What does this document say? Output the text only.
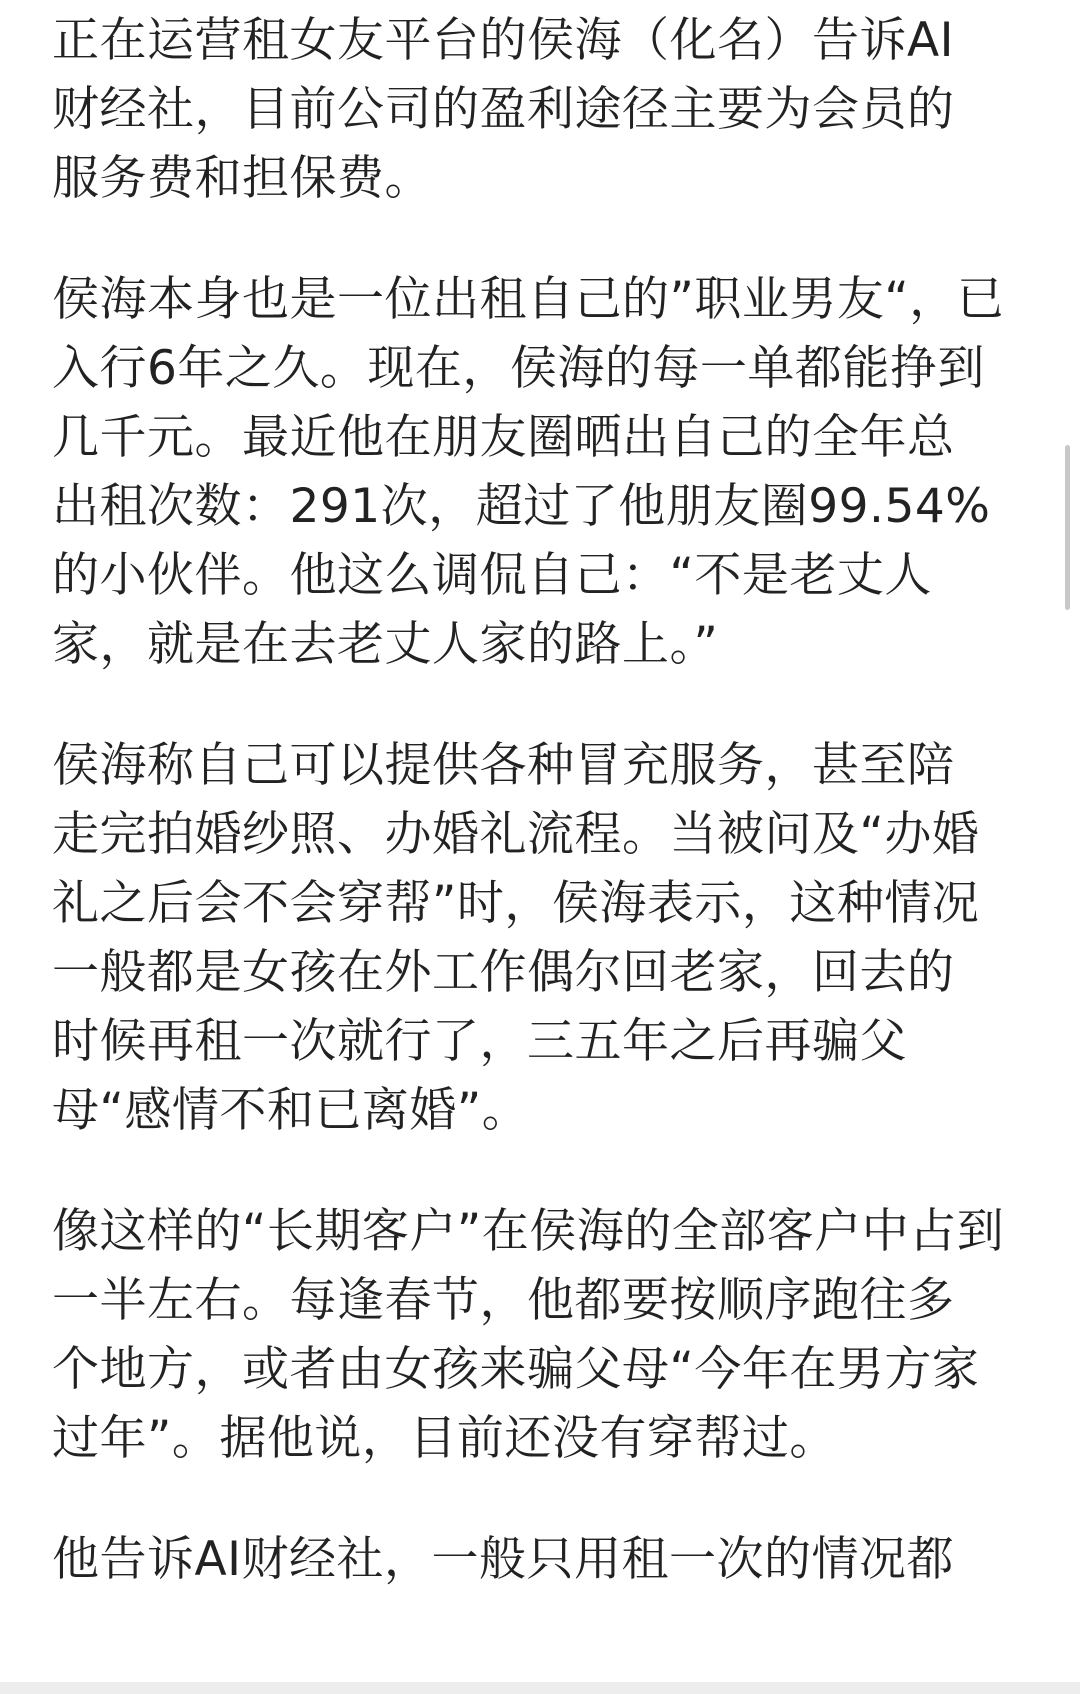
正在运营租女友平台的侯海（化名）告诉AI
财经社，目前公司的盈利途径主要为会员的
服务费和担保费。
侯海本身也是一位出租自己的”职业男友“，已
入行6年之久。现在，侯海的每一单都能挣到
几千元。最近他在朋友圈晒出自己的全年总
出租次数：291次，超过了他朋友圈99.54%
的小伙伴。他这么调侃自己：“不是老丈人
家，就是在去老丈人家的路上。”
侯海称自己可以提供各种冒充服务，甚至陪
走完拍婚纱照、办婚礼流程。当被问及“办婚
礼之后会不会穿帮”时，侯海表示，这种情况
一般都是女孩在外工作偶尔回老家，回去的
时候再租一次就行了，三五年之后再骗父
母“感情不和已离婚”。
像这样的“长期客户”在侯海的全部客户中占到
一半左右。每逢春节，他都要按顺序跑往多
个地方，或者由女孩来骗父母“今年在男方家
过年”。据他说，目前还没有穿帮过。
他告诉AI财经社，一般只用租一次的情况都
